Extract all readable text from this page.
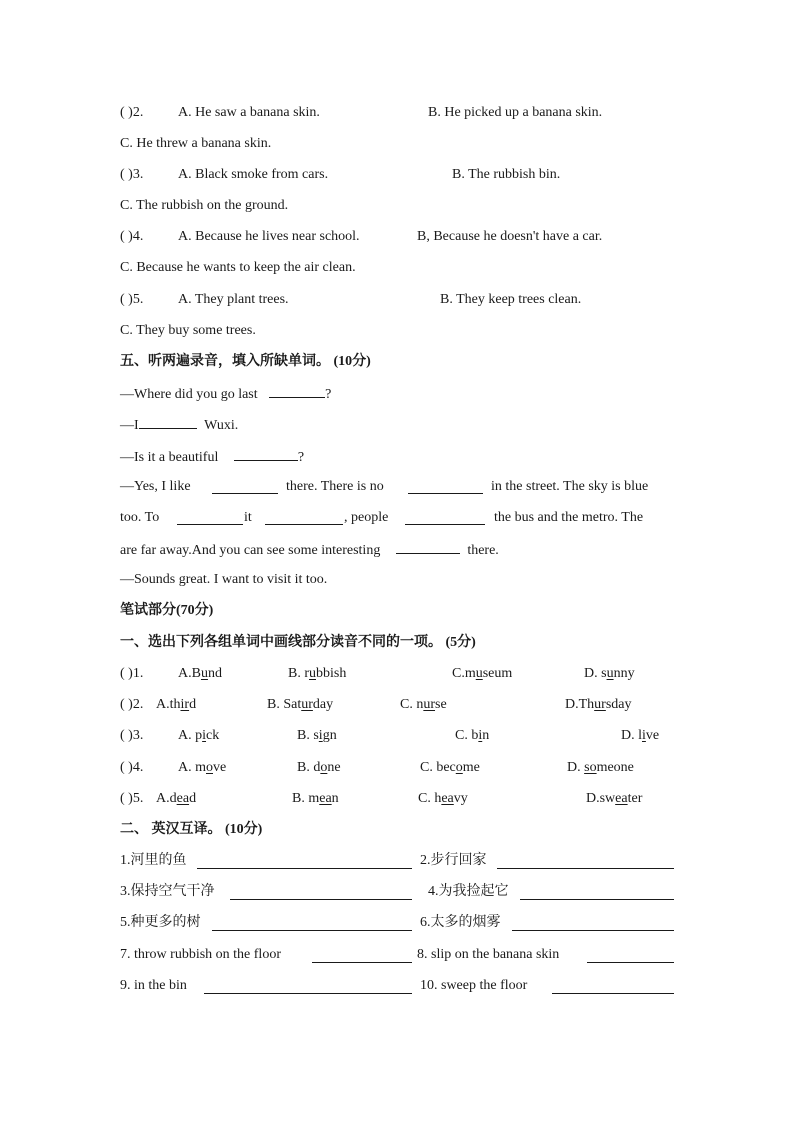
( )2. A. He saw a banana skin.	B. He picked up a banana skin.
C. He threw a banana skin.
( )3. A. Black smoke from cars.	B. The rubbish bin.
C. The rubbish on the ground.
( )4. A. Because he lives near school.	B, Because he doesn't have a car.
C. Because he wants to keep the air clean.
( )5. A. They plant trees.	B. They keep trees clean.
C. They buy some trees.
五、听两遍录音，填入所缺单词。 (10分)
—Where did you go last	?
—I	Wuxi.
—Is it a beautiful	?
—Yes, I like	there. There is no	in the street. The sky is blue
too. To	it	, people	the bus and the metro. The
are far away.And you can see some interesting	there.
—Sounds great. I want to visit it too.
笔试部分(70分)
一、选出下列各组单词中画线部分读音不同的一项。 (5分)
( )1. A.Bund	B. rubbish	C.museum	D. sunny
( )2. A.third	B. Saturday	C. nurse	D.Thursday
( )3. A. pick	B. sign	C. bin	D. live
( )4. A. move	B. done	C. become	D. someone
( )5. A.dead	B. mean	C. heavy	D.sweater
二、 英汉互译。 (10分)
1.河里的鱼	2.步行回家
3.保持空气干净	4.为我捡起它
5.种更多的树	6.太多的烟雾
7. throw rubbish on the floor	8. slip on the banana skin
9. in the bin	10. sweep the floor
